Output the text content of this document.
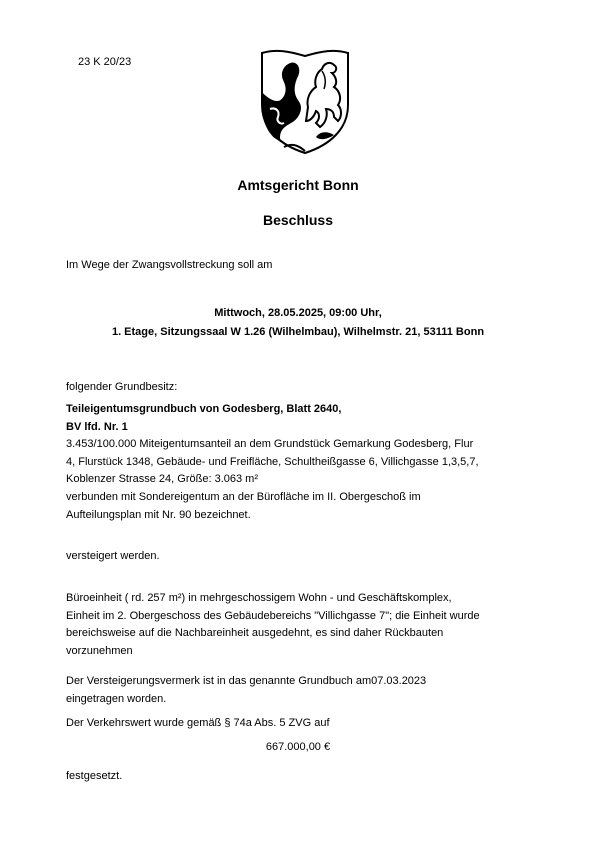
23 K 20/23
Amtsgericht Bonn
Beschluss
Im Wege der Zwangsvollstreckung soll am
Mittwoch, 28.05.2025, 09:00 Uhr,
1. Etage, Sitzungssaal W 1.26 (Wilhelmbau), Wilhelmstr. 21, 53111 Bonn
folgender Grundbesitz:
Teileigentumsgrundbuch von Godesberg, Blatt 2640,
BV lfd. Nr. 1
3.453/100.000 Miteigentumsanteil an dem Grundstück Gemarkung Godesberg, Flur
4, Flurstück 1348, Gebäude- und Freifläche, Schultheißgasse 6, Villichgasse 1,3,5,7,
Koblenzer Strasse 24, Größe: 3.063 m²
verbunden mit Sondereigentum an der Bürofläche im II. Obergeschoß im
Aufteilungsplan mit Nr. 90 bezeichnet.
versteigert werden.
Büroeinheit ( rd. 257 m²) in mehrgeschossigem Wohn - und Geschäftskomplex,
Einheit im 2. Obergeschoss des Gebäudebereichs "Villichgasse 7"; die Einheit wurde
bereichsweise auf die Nachbareinheit ausgedehnt, es sind daher Rückbauten
vorzunehmen
Der Versteigerungsvermerk ist in das genannte Grundbuch am07.03.2023
eingetragen worden.
Der Verkehrswert wurde gemäß § 74a Abs. 5 ZVG auf
667.000,00 €
festgesetzt.
